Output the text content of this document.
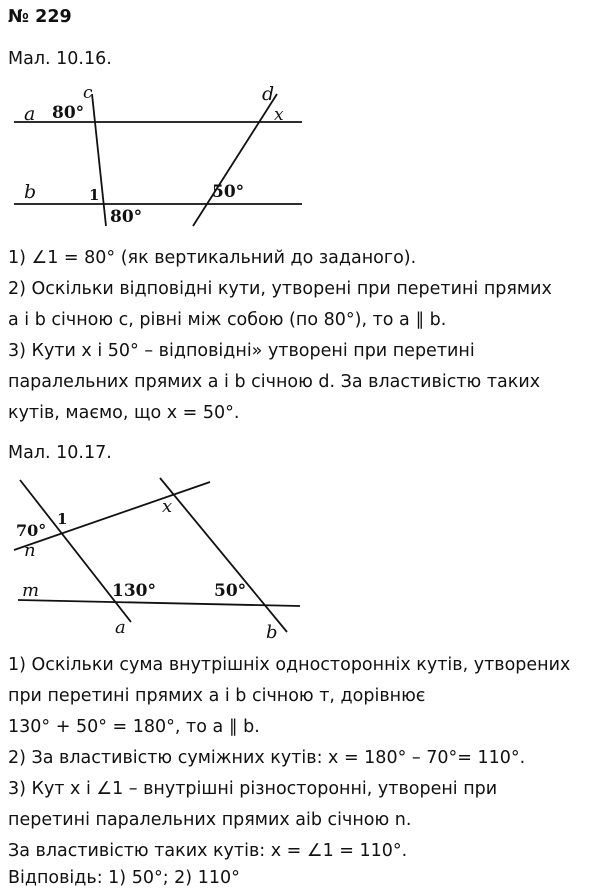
№ 229
Мал. 10.16.
a 80°
c	d
x
b	1	50°
80°
1) ∠1 = 80° (як вертикальний до заданого).
2) Оскільки відповідні кути, утворені при перетині прямих
a і b січною c, рівні між собою (по 80°), то a ∥ b.
3) Кути x і 50° – відповідні» утворені при перетині
паралельних прямих a і b січною d. За властивістю таких
кутів, маємо, що x = 50°.
Мал. 10.17.
70°
1
n
x
m	130°	50°
a	b
1) Оскільки сума внутрішніх односторонніх кутів, утворених
при перетині прямих a і b січною т, дорівнює
130° + 50° = 180°, то a ∥ b.
2) За властивістю суміжних кутів: x = 180° – 70°= 110°.
3) Кут x і ∠1 – внутрішні різносторонні, утворені при
перетині паралельних прямих aib січною n.
За властивістю таких кутів: x = ∠1 = 110°.
Відповідь: 1) 50°; 2) 110°
